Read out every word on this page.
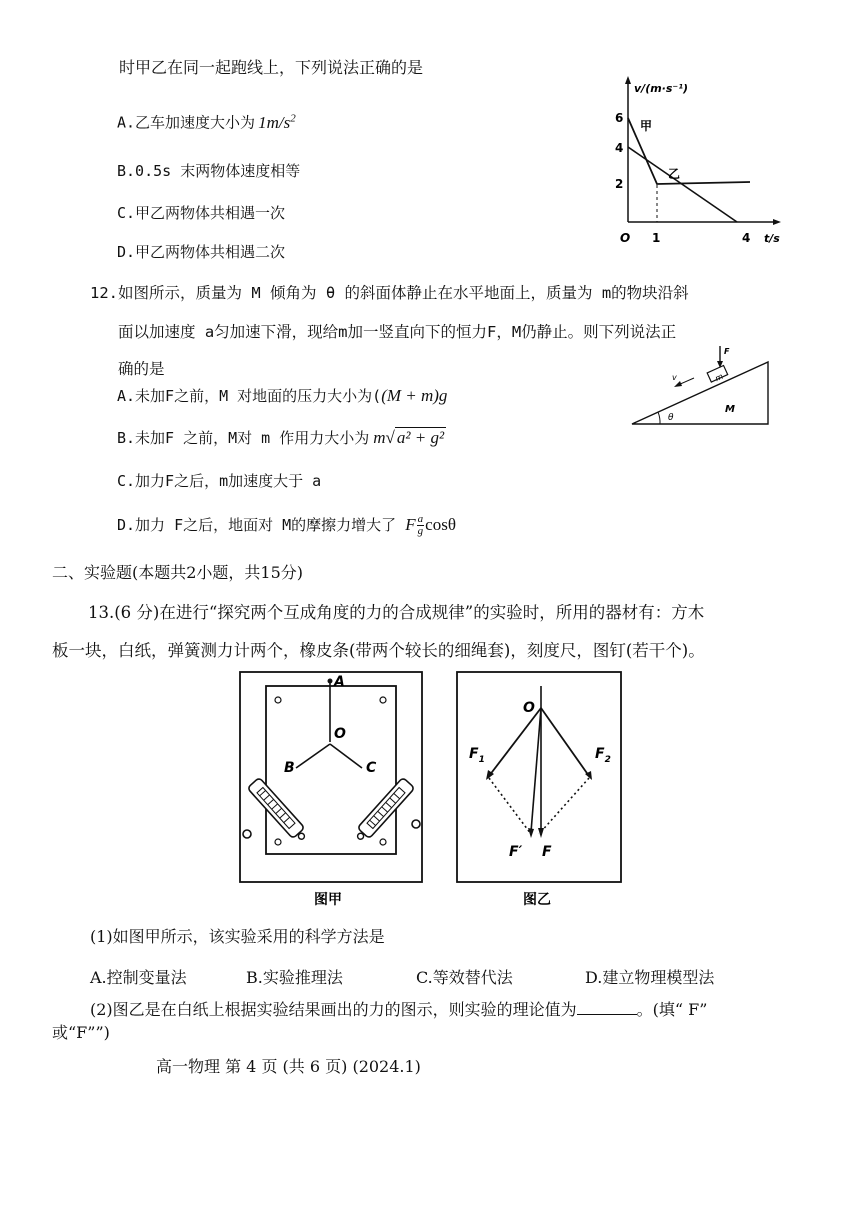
时甲乙在同一起跑线上，下列说法正确的是
A.乙车加速度大小为 $1m/s^2$
B.0.5s 末两物体速度相等
C.甲乙两物体共相遇一次
D.甲乙两物体共相遇二次
v/(m·s⁻¹)
6
4
2
O 1	4 t/s
甲
乙
12.如图所示，质量为 M 倾角为 θ 的斜面体静止在水平地面上，质量为 m的物块沿斜
面以加速度 a匀加速下滑，现给m加一竖直向下的恒力F，M仍静止。则下列说法正
确的是
A.未加F之前，M 对地面的压力大小为((M + m)g
B.未加F 之前，M对 m 作用力大小为 m√ a² + g²
C.加力F之后，m加速度大于 a
D.加力 F之后，地面对 M的摩擦力增大了 F $\frac{a}{g}$ cosθ
θ
m
F
v
M
二、实验题(本题共2小题，共15分)
13.(6 分)在进行“探究两个互成角度的力的合成规律”的实验时，所用的器材有：方木
板一块，白纸，弹簧测力计两个，橡皮条(带两个较长的细绳套)，刻度尺，图钉(若干个)。
A
O
B	C
图甲
O
$F_1$	$F_2$
F′ F
图乙
(1)如图甲所示，该实验采用的科学方法是
A.控制变量法	B.实验推理法	C.等效替代法	D.建立物理模型法
(2)图乙是在白纸上根据实验结果画出的力的图示，则实验的理论值为	。(填“ F”
或“F””)
高一物理 第 4 页 (共 6 页) (2024.1)
